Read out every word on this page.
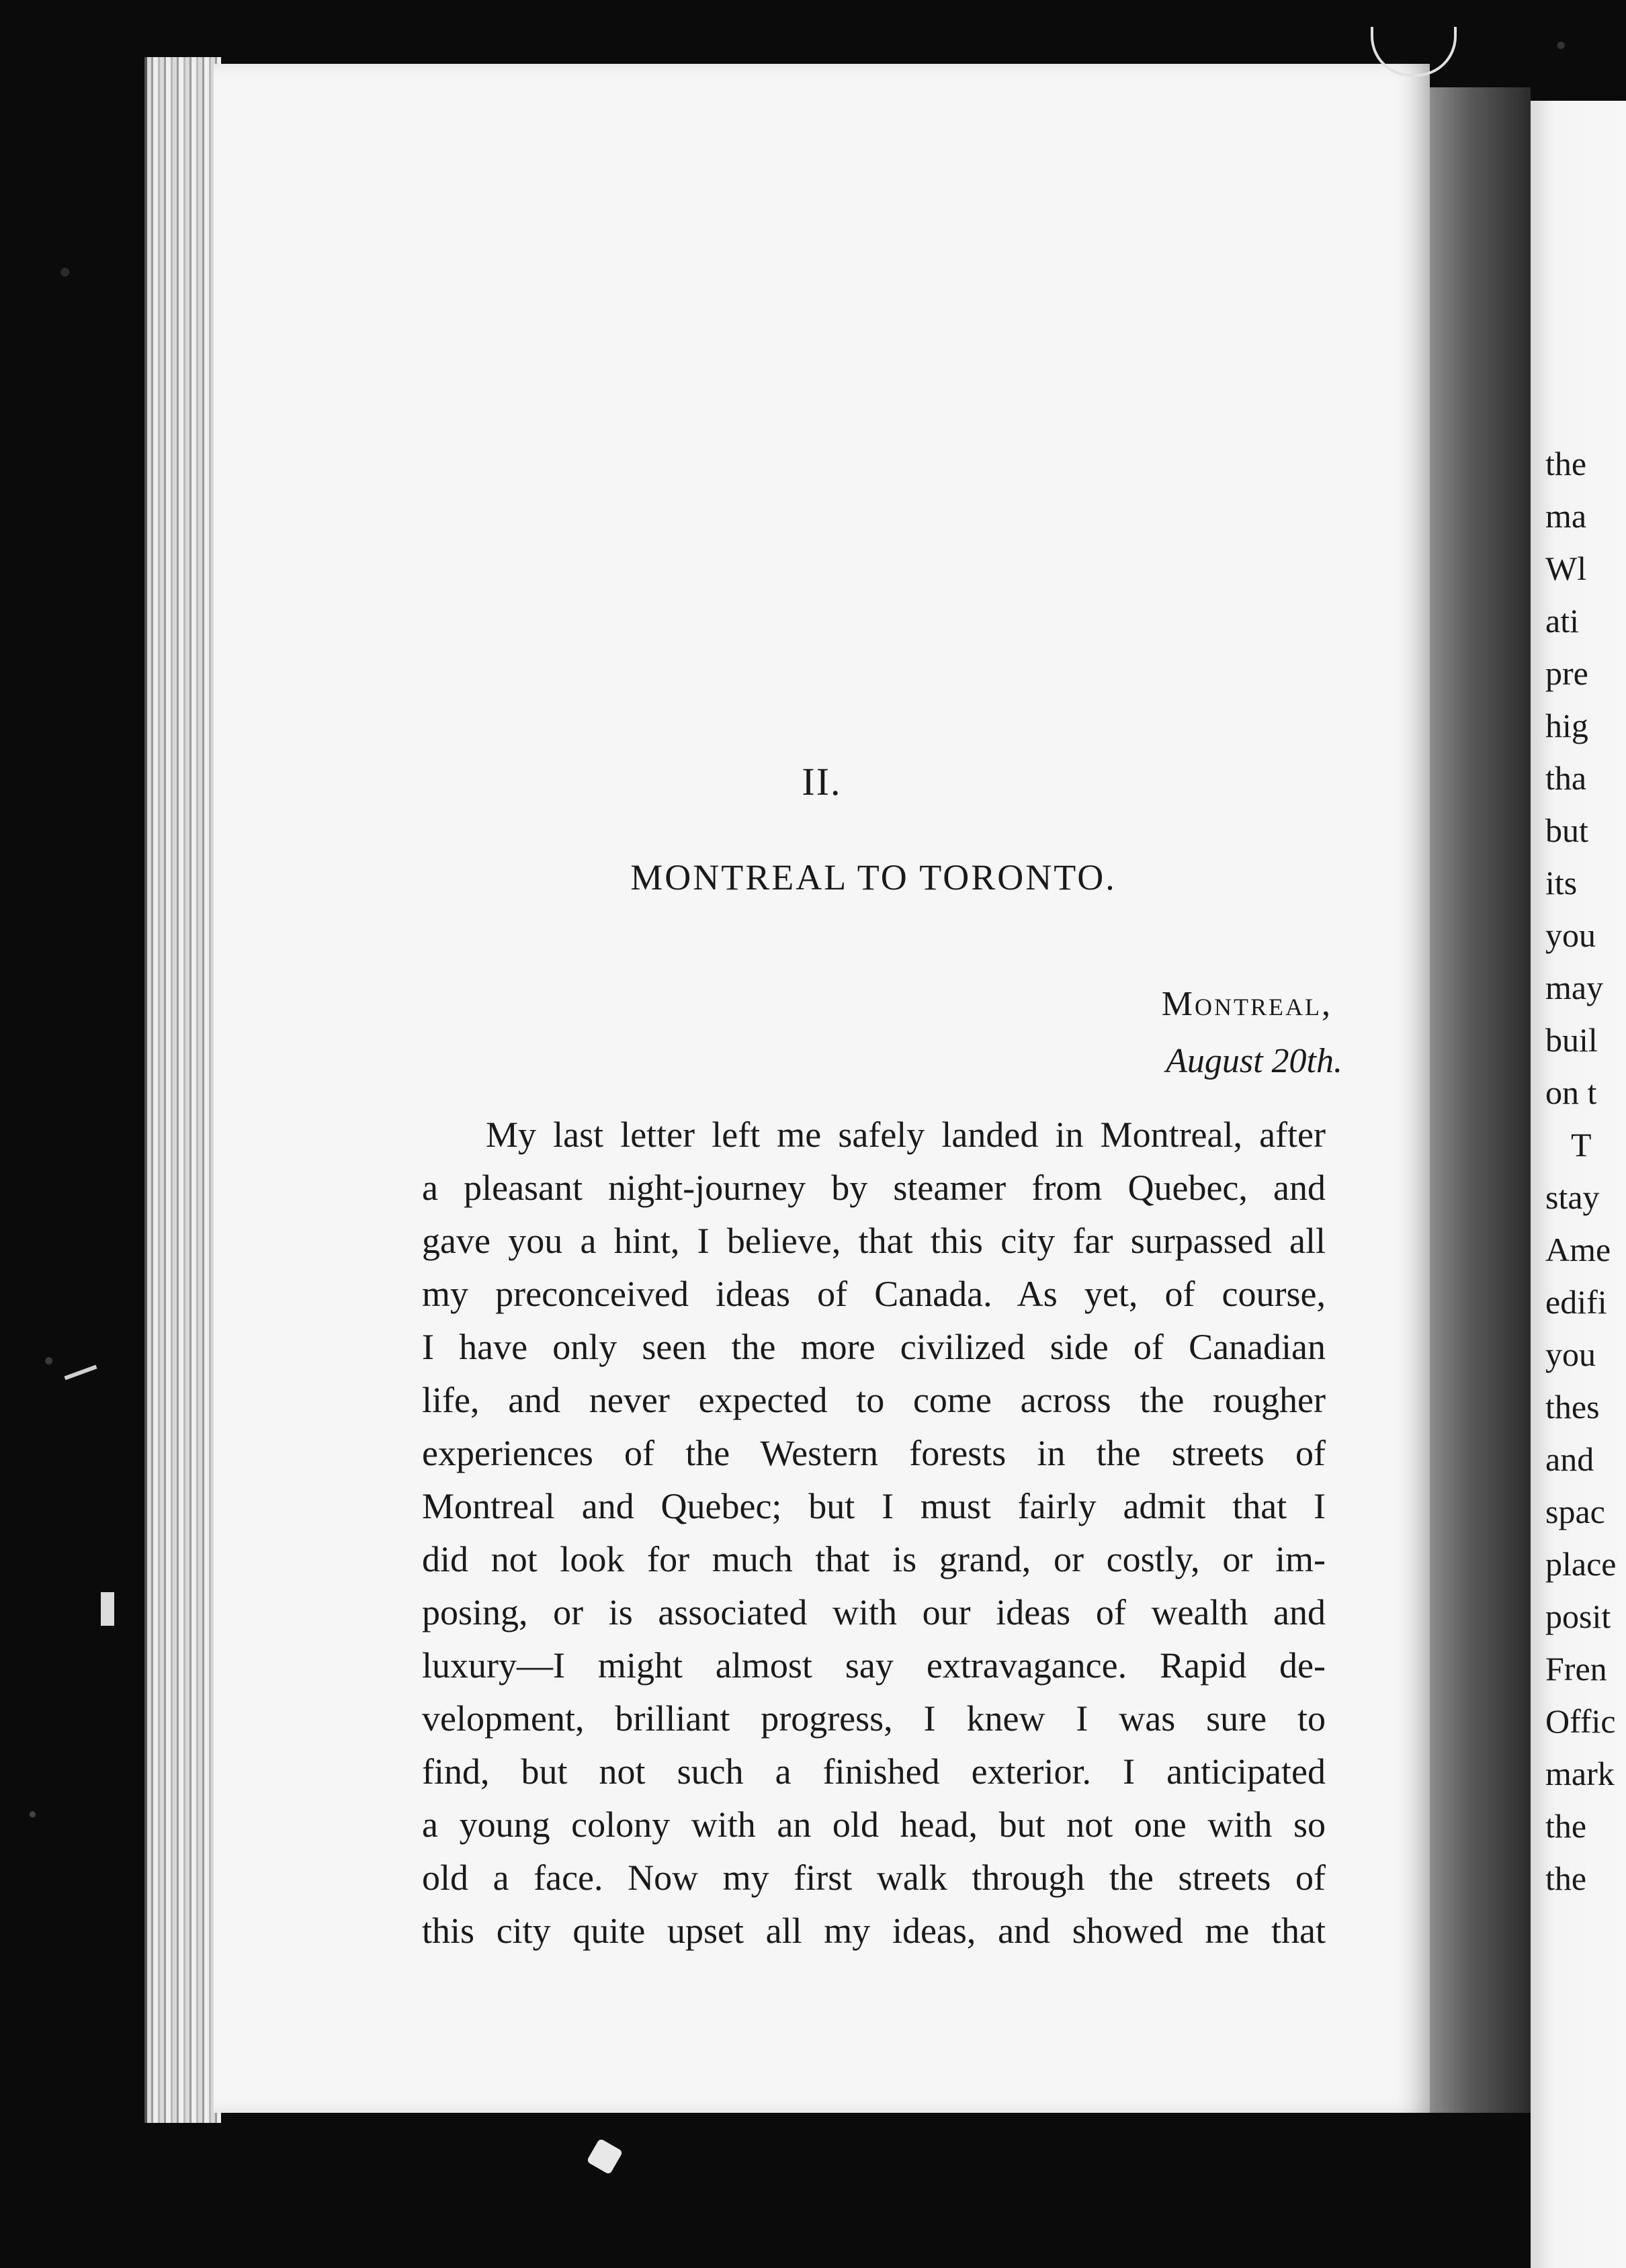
II.
MONTREAL TO TORONTO.
Montreal,
August 20th.
My last letter left me safely landed in Montreal, after
a pleasant night-journey by steamer from Quebec, and
gave you a hint, I believe, that this city far surpassed all
my preconceived ideas of Canada. As yet, of course,
I have only seen the more civilized side of Canadian
life, and never expected to come across the rougher
experiences of the Western forests in the streets of
Montreal and Quebec; but I must fairly admit that I
did not look for much that is grand, or costly, or im-
posing, or is associated with our ideas of wealth and
luxury—I might almost say extravagance. Rapid de-
velopment, brilliant progress, I knew I was sure to
find, but not such a finished exterior. I anticipated
a young colony with an old head, but not one with so
old a face. Now my first walk through the streets of
this city quite upset all my ideas, and showed me that
the
ma
Wl
ati
pre
hig
tha
but
its
you
may
buil
on t
T
stay
Ame
edifi
you
thes
and
spac
place
posit
Fren
Offic
mark
the
the
